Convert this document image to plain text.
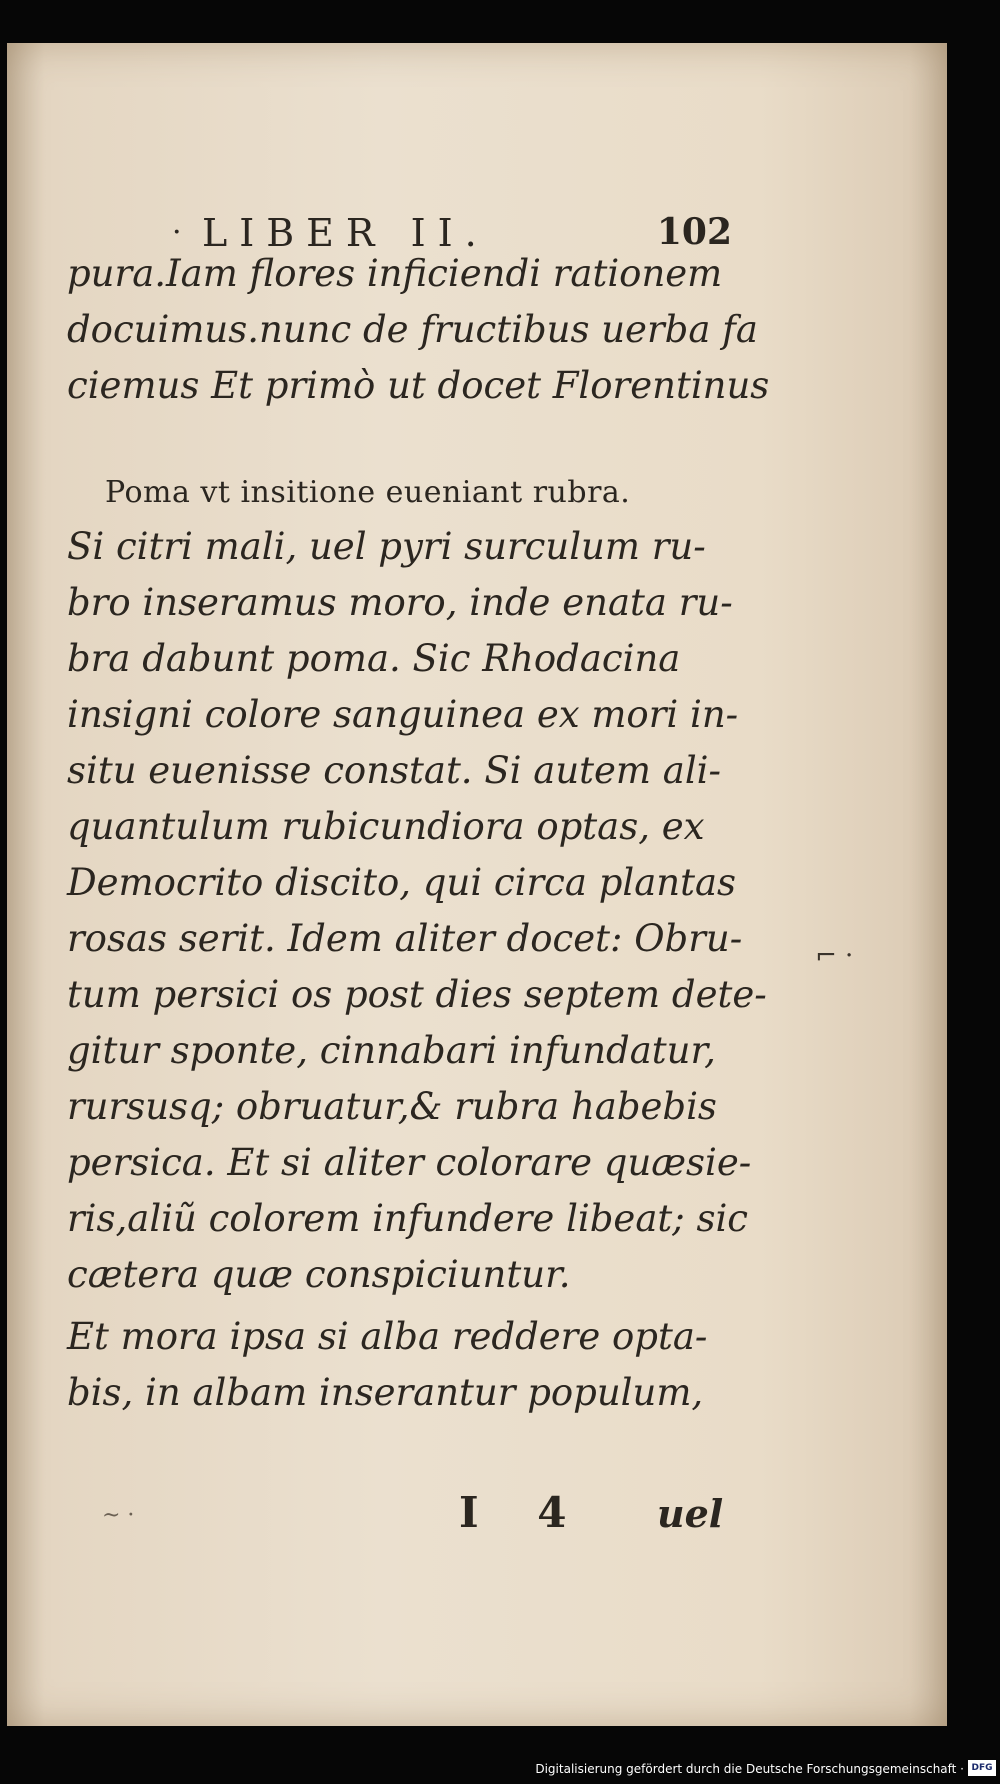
· LIBER II.	102
pura.Iam flores inficiendi rationem
docuimus.nunc de fructibus uerba fa
ciemus Et primò ut docet Florentinus
Poma vt insitione eueniant rubra.
Si citri mali, uel pyri surculum ru-
bro inseramus moro, inde enata ru-
bra dabunt poma. Sic Rhodacina
insigni colore sanguinea ex mori in-
situ euenisse constat. Si autem ali-
quantulum rubicundiora optas, ex
Democrito discito, qui circa plantas
rosas serit. Idem aliter docet: Obru-
tum persici os post dies septem dete-
gitur sponte, cinnabari infundatur,
rursusq; obruatur,& rubra habebis
persica. Et si aliter colorare quæsie-
ris,aliũ colorem infundere libeat; sic
cætera quæ conspiciuntur.
Et mora ipsa si alba reddere opta-
bis, in albam inserantur populum,
⌐ ·
~ ·	I 4 uel
Digitalisierung gefördert durch die Deutsche Forschungsgemeinschaft · DFG
